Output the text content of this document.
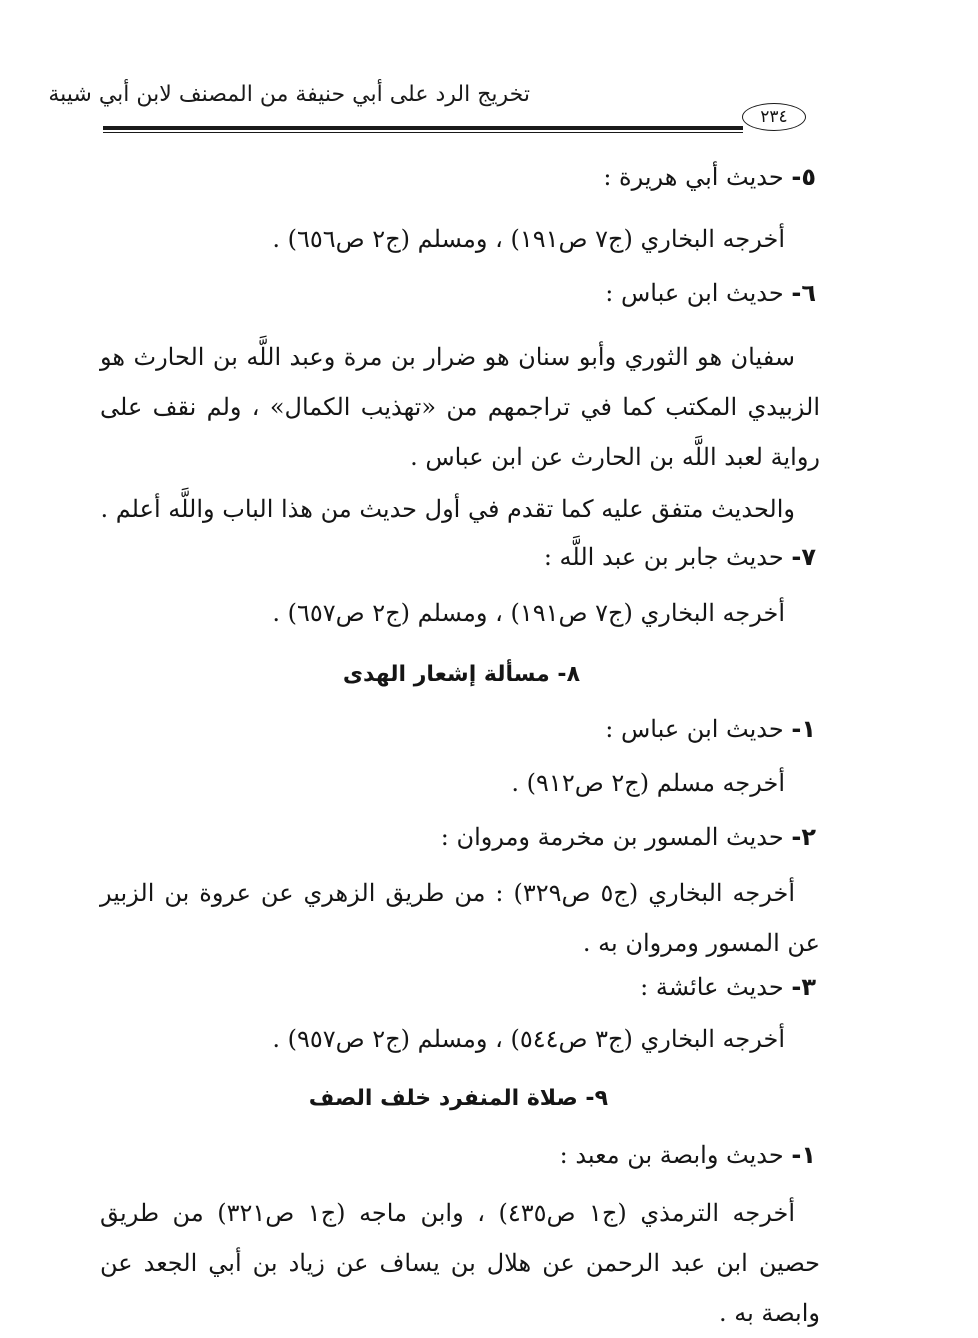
تخريج الرد على أبي حنيفة من المصنف لابن أبي شيبة
٢٣٤
٥- حديث أبي هريرة :
أخرجه البخاري (ج٧ ص١٩١) ، ومسلم (ج٢ ص٦٥٦) .
٦- حديث ابن عباس :
سفيان هو الثوري وأبو سنان هو ضرار بن مرة وعبد اللَّه بن الحارث هو الزبيدي المكتب كما في تراجمهم من «تهذيب الكمال» ، ولم نقف على رواية لعبد اللَّه بن الحارث عن ابن عباس .
والحديث متفق عليه كما تقدم في أول حديث من هذا الباب واللَّه أعلم .
٧- حديث جابر بن عبد اللَّه :
أخرجه البخاري (ج٧ ص١٩١) ، ومسلم (ج٢ ص٦٥٧) .
٨- مسألة إشعار الهدى
١- حديث ابن عباس :
أخرجه مسلم (ج٢ ص٩١٢) .
٢- حديث المسور بن مخرمة ومروان :
أخرجه البخاري (ج٥ ص٣٢٩) : من طريق الزهري عن عروة بن الزبير عن المسور ومروان به .
٣- حديث عائشة :
أخرجه البخاري (ج٣ ص٥٤٤) ، ومسلم (ج٢ ص٩٥٧) .
٩- صلاة المنفرد خلف الصف
١- حديث وابصة بن معبد :
أخرجه الترمذي (ج١ ص٤٣٥) ، وابن ماجه (ج١ ص٣٢١) من طريق حصين ابن عبد الرحمن عن هلال بن يساف عن زياد بن أبي الجعد عن وابصة به .
